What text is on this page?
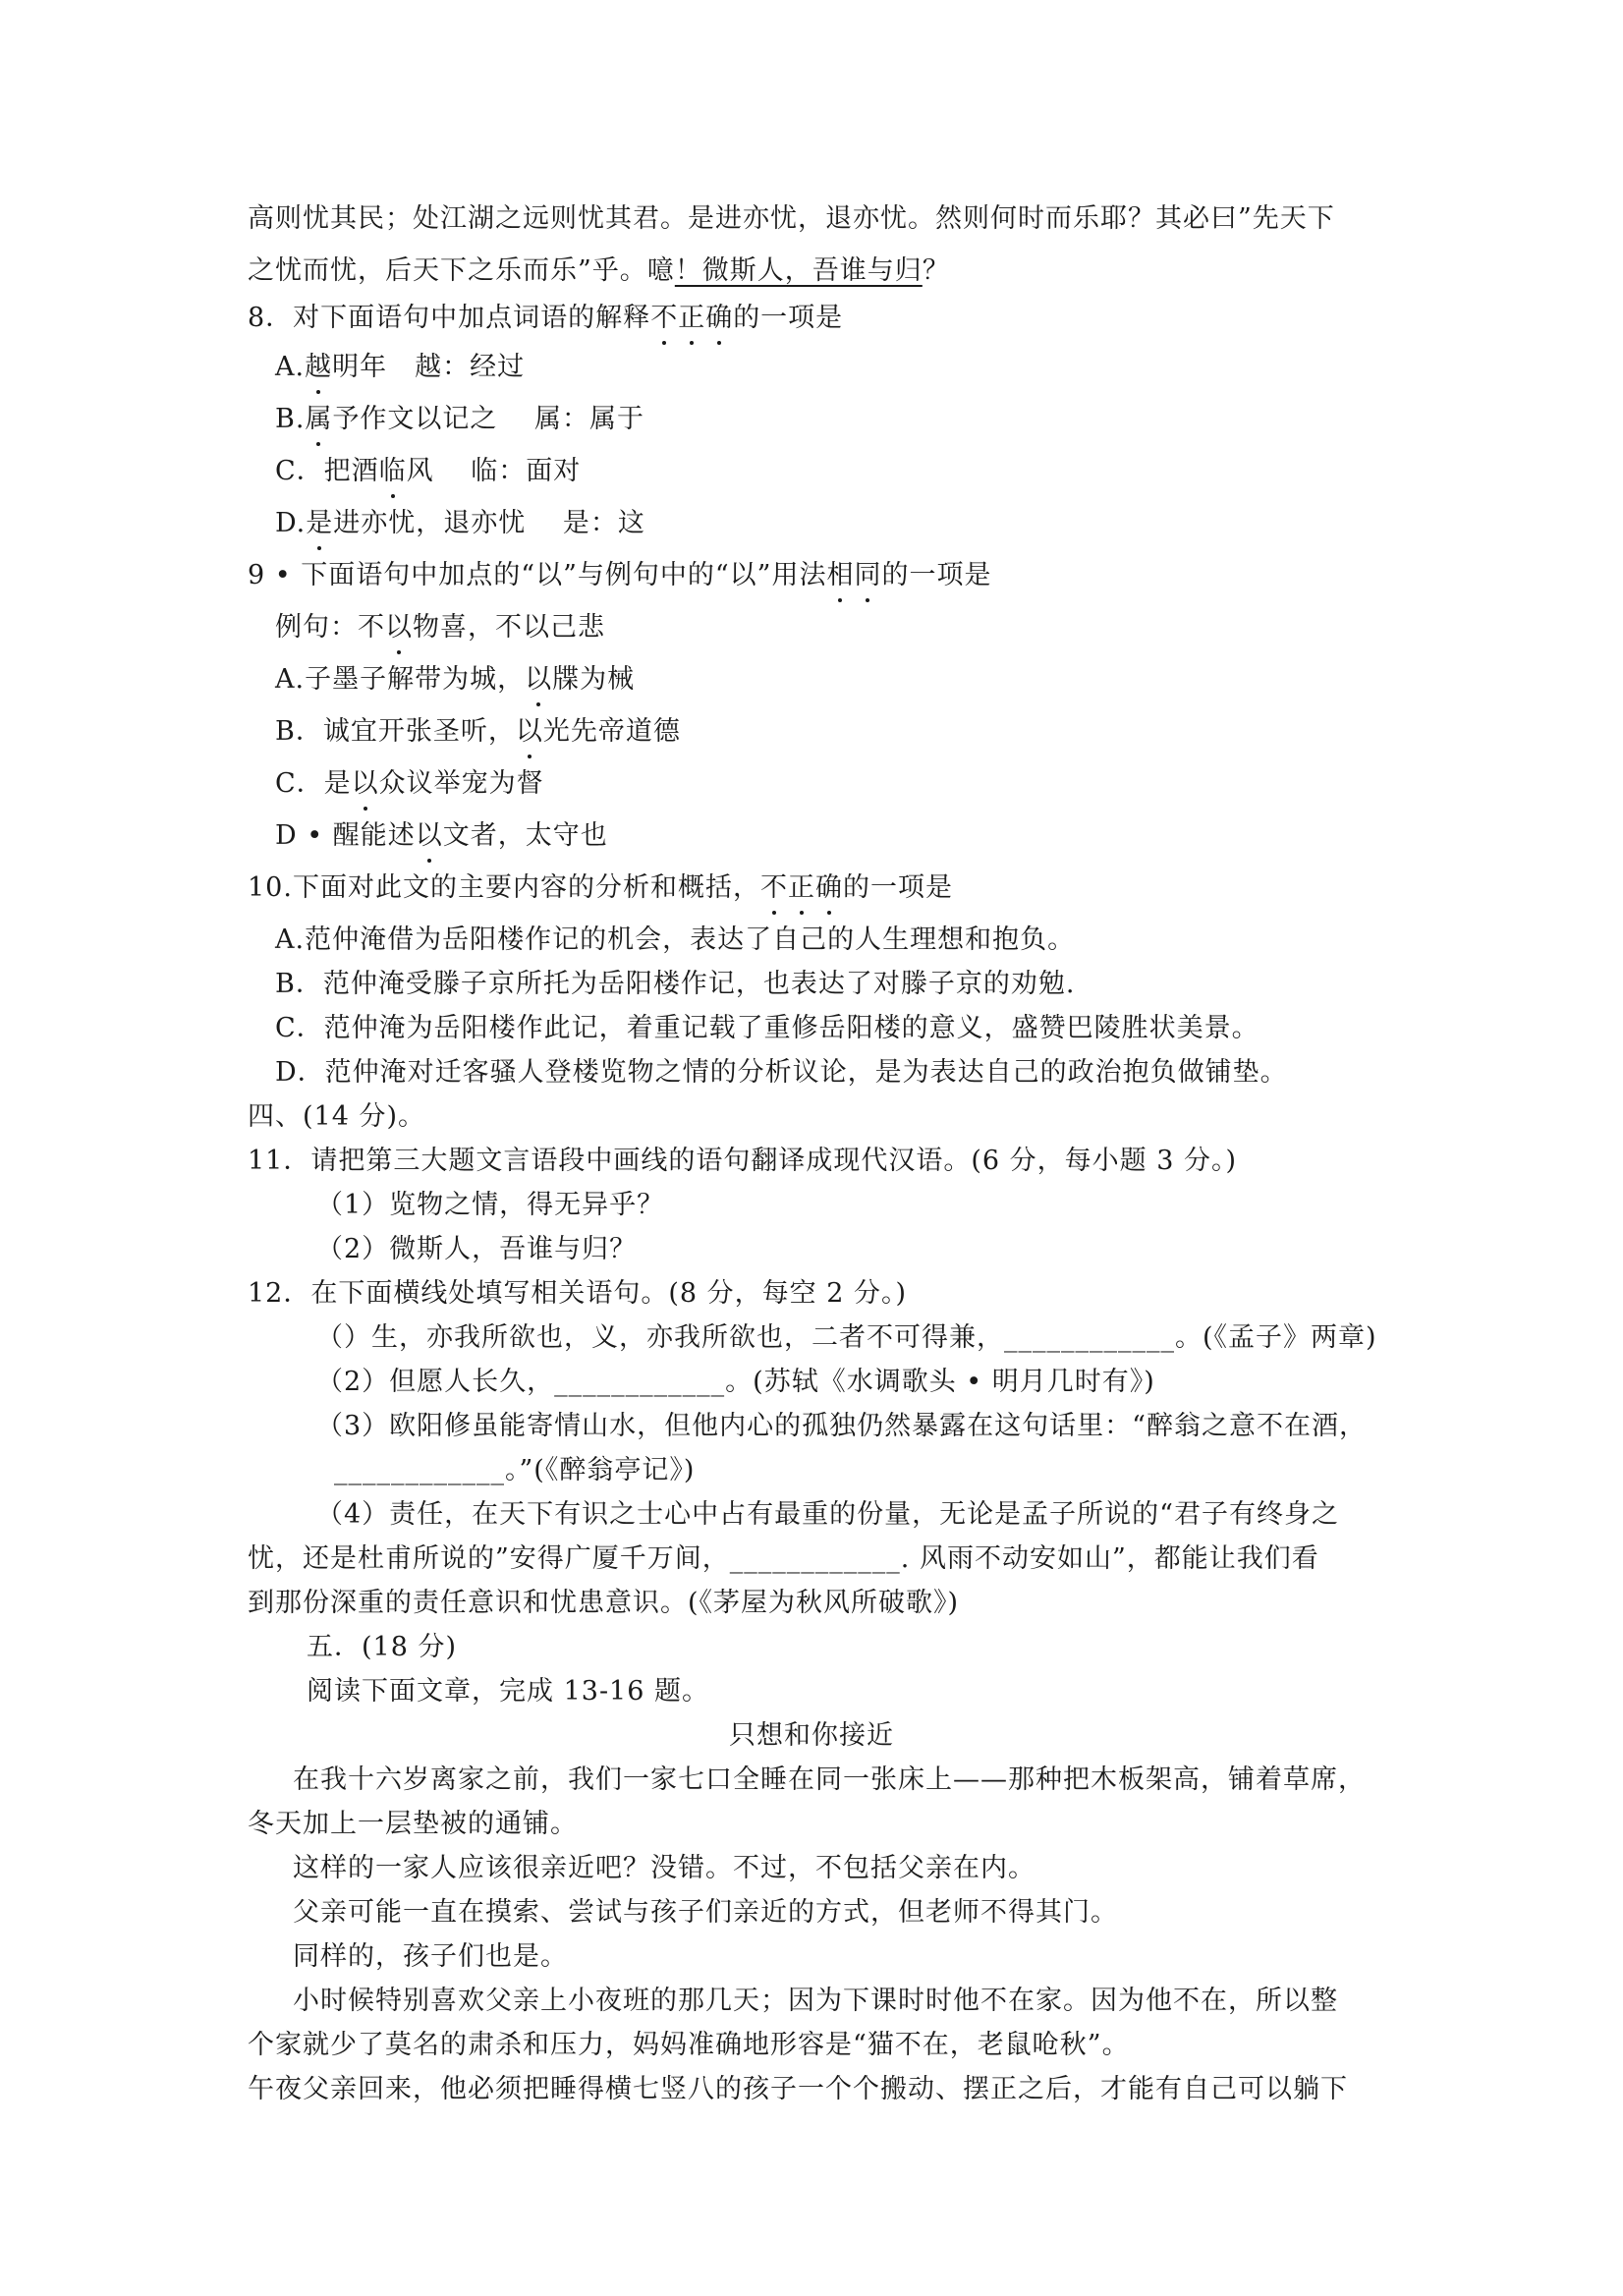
高则忧其民；处江湖之远则忧其君。是进亦忧，退亦忧。然则何时而乐耶？其必曰”先天下
之忧而忧，后天下之乐而乐”乎。噫！微斯人，吾谁与归？
8．对下面语句中加点词语的解释不正确的一项是
A.越明年　越：经过
B.属予作文以记之　 属：属于
C．把酒临风　 临：面对
D.是进亦忧，退亦忧　 是：这
9 • 下面语句中加点的“以”与例句中的“以”用法相同的一项是
例句：不以物喜，不以己悲
A.子墨子解带为城，以牒为械
B．诚宜开张圣听，以光先帝道德
C．是以众议举宠为督
D • 醒能述以文者，太守也
10.下面对此文的主要内容的分析和概括，不正确的一项是
A.范仲淹借为岳阳楼作记的机会，表达了自己的人生理想和抱负。
B．范仲淹受滕子京所托为岳阳楼作记，也表达了对滕子京的劝勉.
C．范仲淹为岳阳楼作此记，着重记载了重修岳阳楼的意义，盛赞巴陵胜状美景。
D．范仲淹对迁客骚人登楼览物之情的分析议论，是为表达自己的政治抱负做铺垫。
四、(14 分)。
11．请把第三大题文言语段中画线的语句翻译成现代汉语。(6 分，每小题 3 分。)
（1）览物之情，得无异乎？
（2）微斯人，吾谁与归？
12．在下面横线处填写相关语句。(8 分，每空 2 分。)
（）生，亦我所欲也，义，亦我所欲也，二者不可得兼，____________。(《孟子》两章)
（2）但愿人长久，____________。(苏轼《水调歌头 • 明月几时有》)
（3）欧阳修虽能寄情山水，但他内心的孤独仍然暴露在这句话里：“醉翁之意不在酒，
____________。”(《醉翁亭记》)
（4）责任，在天下有识之士心中占有最重的份量，无论是孟子所说的“君子有终身之
忧，还是杜甫所说的”安得广厦千万间，____________. 风雨不动安如山”，都能让我们看
到那份深重的责任意识和忧患意识。(《茅屋为秋风所破歌》)
五．(18 分)
阅读下面文章，完成 13-16 题。
只想和你接近
在我十六岁离家之前，我们一家七口全睡在同一张床上——那种把木板架高，铺着草席，
冬天加上一层垫被的通铺。
这样的一家人应该很亲近吧？没错。不过，不包括父亲在内。
父亲可能一直在摸索、尝试与孩子们亲近的方式，但老师不得其门。
同样的，孩子们也是。
小时候特别喜欢父亲上小夜班的那几天；因为下课时时他不在家。因为他不在，所以整
个家就少了莫名的肃杀和压力，妈妈准确地形容是“猫不在，老鼠呛秋”。
午夜父亲回来，他必须把睡得横七竖八的孩子一个个搬动、摆正之后，才能有自己可以躺下
